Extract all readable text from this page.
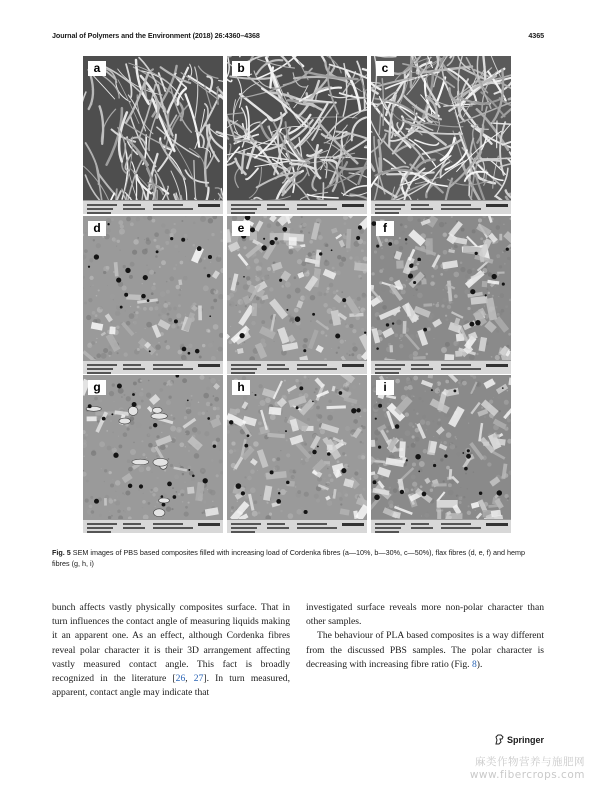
Journal of Polymers and the Environment (2018) 26:4360–4368	4365
a	b	c
d	e	f
g	h	i
Fig. 5 SEM images of PBS based composites filled with increasing load of Cordenka fibres (a—10%, b—30%, c—50%), flax fibres (d, e, f) and hemp fibres (g, h, i)

bunch affects vastly physically composites surface. That in turn influences the contact angle of measuring liquids making it an apparent one. As an effect, although Cordenka fibres reveal polar character it is their 3D arrangement affecting vastly measured contact angle. This fact is broadly recognized in the literature [26, 27]. In turn measured, apparent, contact angle may indicate that

investigated surface reveals more non-polar character than other samples.

The behaviour of PLA based composites is a way different from the discussed PBS samples. The polar character is decreasing with increasing fibre ratio (Fig. 8).

Springer
麻类作物营养与施肥网
www.fibercrops.com
